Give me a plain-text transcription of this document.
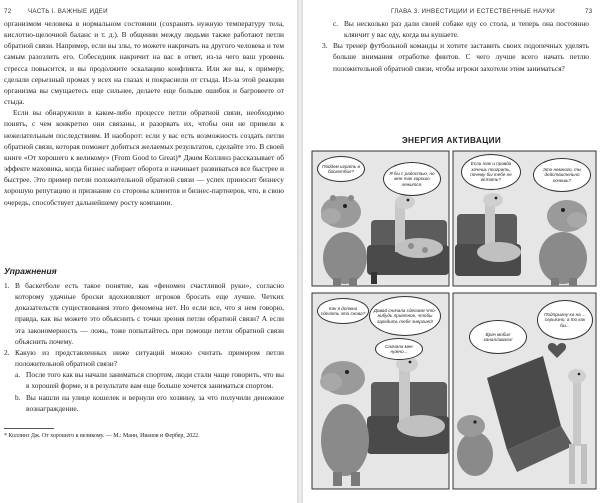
72	ЧАСТЬ I. ВАЖНЫЕ ИДЕИ

организмом человека в нормальном состоянии (сохранять нужную температуру тела, кислотно-щелочной баланс и т. д.). В общении между людьми также работают петли обратной связи. Например, если вы злы, то можете накричать на другого человека и тем самым разозлить его. Собеседник накричит на вас в ответ, из-за чего ваш уровень стресса повысится, и вы продолжите эскалацию конфликта. Или же вы, к примеру, сделали серьезный промах у всех на глазах и покраснели от стыда. Из-за этой реакции организма вы смущаетесь еще сильнее, делаете еще больше ошибок и багровеете от стыда.

Если вы обнаружили в каком-либо процессе петли обратной связи, необходимо понять, с чем конкретно они связаны, и разорвать их, чтобы они не привели к нежелательным последствиям. И наоборот: если у вас есть возможность создать петли обратной связи, которая поможет добиться желаемых результатов, сделайте это. В своей книге «От хорошего к великому» (From Good to Great)* Джим Коллинз рассказывает об эффекте маховика, когда бизнес набирает оборота и начинает развиваться все быстрее и быстрее. Это пример петли положительной обратной связи — успех приносит бизнесу хорошую репутацию и признание со стороны клиентов и бизнес-партнеров, что, в свою очередь, способствует дальнейшему росту компании.

Упражнения
1. В баскетболе есть такое понятие, как «феномен счастливой руки», согласно которому удачные броски вдохновляют игроков бросать еще лучше. Четких доказательств существования этого феномена нет. Но если все, что я нем говорю, правда, как вы можете это объяснить с точки зрения петли обратной связи? А если эта закономерность — ложь, тоже попытайтесь при помощи петли обратной связи объяснить почему.
2. Какую из представленных ниже ситуаций можно считать примером петли положительной обратной связи?
a. После того как вы начали заниматься спортом, люди стали чаще говорить, что вы в хорошей форме, и в результате вам еще больше хочется заниматься спортом.
b. Вы нашли на улице кошелек и вернули его хозяину, за что получили денежное вознаграждение.
* Коллинз Дж. От хорошего к великому. — М.: Манн, Иванов и Фербер, 2022.
ГЛАВА 3. ИНВЕСТИЦИИ И ЕСТЕСТВЕННЫЕ НАУКИ	73
c. Вы несколько раз дали своей собаке еду со стола, и теперь она постоянно клянчит у вас еду, когда вы кушаете.
3. Вы тренер футбольной команды и хотите заставить своих подопечных уделять больше внимания отработке финтов. С чего лучше всего начать петлю положительной обратной связи, чтобы игроки захотели этим заниматься?
ЭНЕРГИЯ АКТИВАЦИИ
Пойдем играть в баскетбол?	Я бы с радостью, но мне так хорошо лежится.
Если так и правда хочешь поиграть, почему бы тебе не встать?
Это немного, ты действительно хочешь?
Как я должна сделать это снова?
Давай сначала сделаем что-нибудь приятное, чтобы зарядить тебя энергией!
Сначала мне нужно...
Врач мобил каналливали!
Подпрыгну-ка на ... серьезно, а то как бы...
